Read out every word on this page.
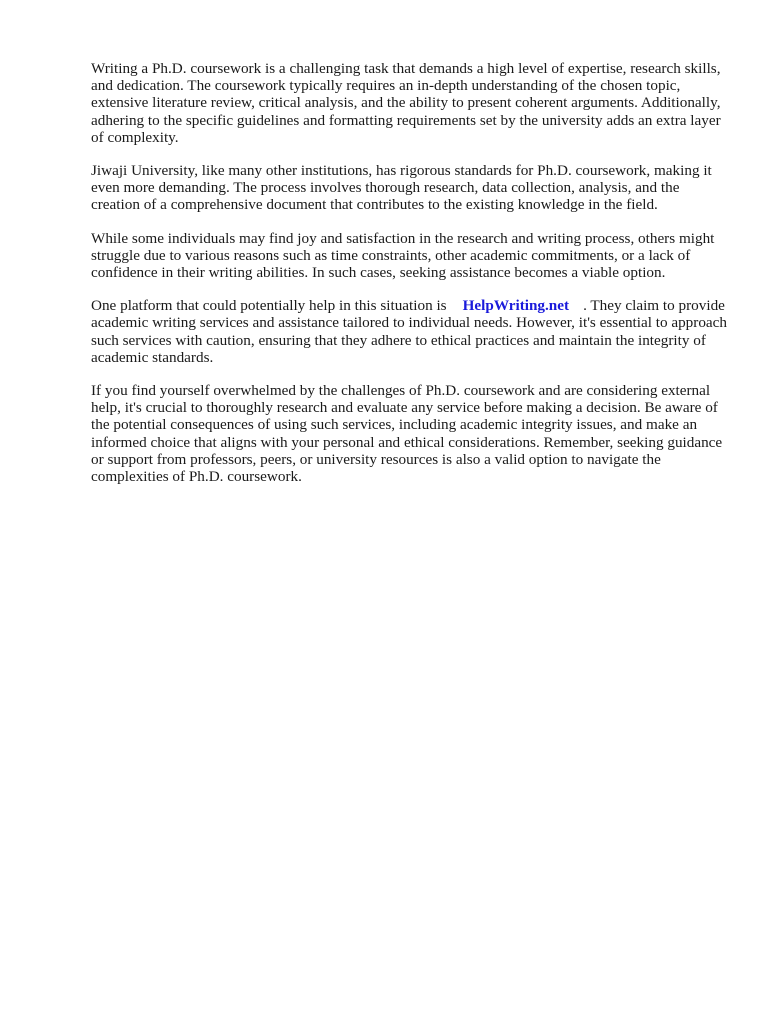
Writing a Ph.D. coursework is a challenging task that demands a high level of expertise, research skills, and dedication. The coursework typically requires an in-depth understanding of the chosen topic, extensive literature review, critical analysis, and the ability to present coherent arguments. Additionally, adhering to the specific guidelines and formatting requirements set by the university adds an extra layer of complexity.

Jiwaji University, like many other institutions, has rigorous standards for Ph.D. coursework, making it even more demanding. The process involves thorough research, data collection, analysis, and the creation of a comprehensive document that contributes to the existing knowledge in the field.

While some individuals may find joy and satisfaction in the research and writing process, others might struggle due to various reasons such as time constraints, other academic commitments, or a lack of confidence in their writing abilities. In such cases, seeking assistance becomes a viable option.

One platform that could potentially help in this situation is HelpWriting.net . They claim to provide academic writing services and assistance tailored to individual needs. However, it's essential to approach such services with caution, ensuring that they adhere to ethical practices and maintain the integrity of academic standards.

If you find yourself overwhelmed by the challenges of Ph.D. coursework and are considering external help, it's crucial to thoroughly research and evaluate any service before making a decision. Be aware of the potential consequences of using such services, including academic integrity issues, and make an informed choice that aligns with your personal and ethical considerations. Remember, seeking guidance or support from professors, peers, or university resources is also a valid option to navigate the complexities of Ph.D. coursework.
